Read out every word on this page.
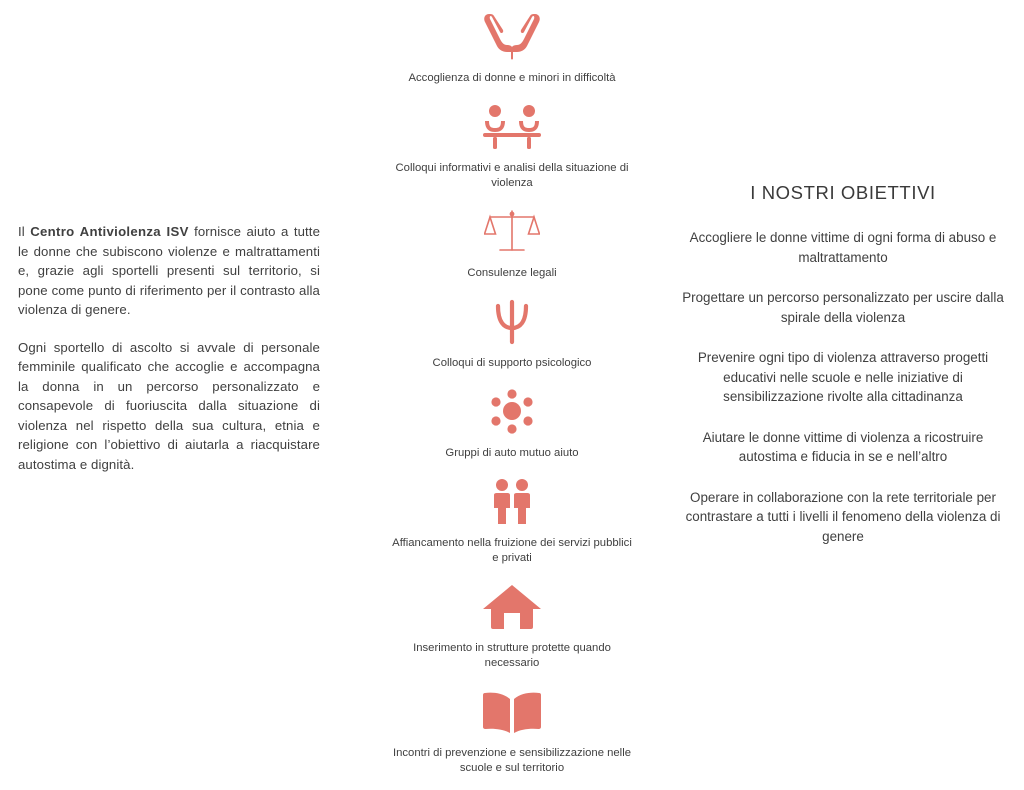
Il Centro Antiviolenza ISV fornisce aiuto a tutte le donne che subiscono violenze e maltrattamenti e, grazie agli sportelli presenti sul territorio, si pone come punto di riferimento per il contrasto alla violenza di genere.

Ogni sportello di ascolto si avvale di personale femminile qualificato che accoglie e accompagna la donna in un percorso personalizzato e consapevole di fuoriuscita dalla situazione di violenza nel rispetto della sua cultura, etnia e religione con l’obiettivo di aiutarla a riacquistare autostima e dignità.

Accoglienza di donne e minori in difficoltà
Colloqui informativi e analisi della situazione di violenza
Consulenze legali
Colloqui di supporto psicologico
Gruppi di auto mutuo aiuto
Affiancamento nella fruizione dei servizi pubblici e privati
Inserimento in strutture protette quando necessario
Incontri di prevenzione e sensibilizzazione nelle scuole e sul territorio
I NOSTRI OBIETTIVI
Accogliere le donne vittime di ogni forma di abuso e maltrattamento
Progettare un percorso personalizzato per uscire dalla spirale della violenza
Prevenire ogni tipo di violenza attraverso progetti educativi nelle scuole e nelle iniziative di sensibilizzazione rivolte alla cittadinanza
Aiutare le donne vittime di violenza a ricostruire autostima e fiducia in se e nell’altro
Operare in collaborazione con la rete territoriale per contrastare a tutti i livelli il fenomeno della violenza di genere
